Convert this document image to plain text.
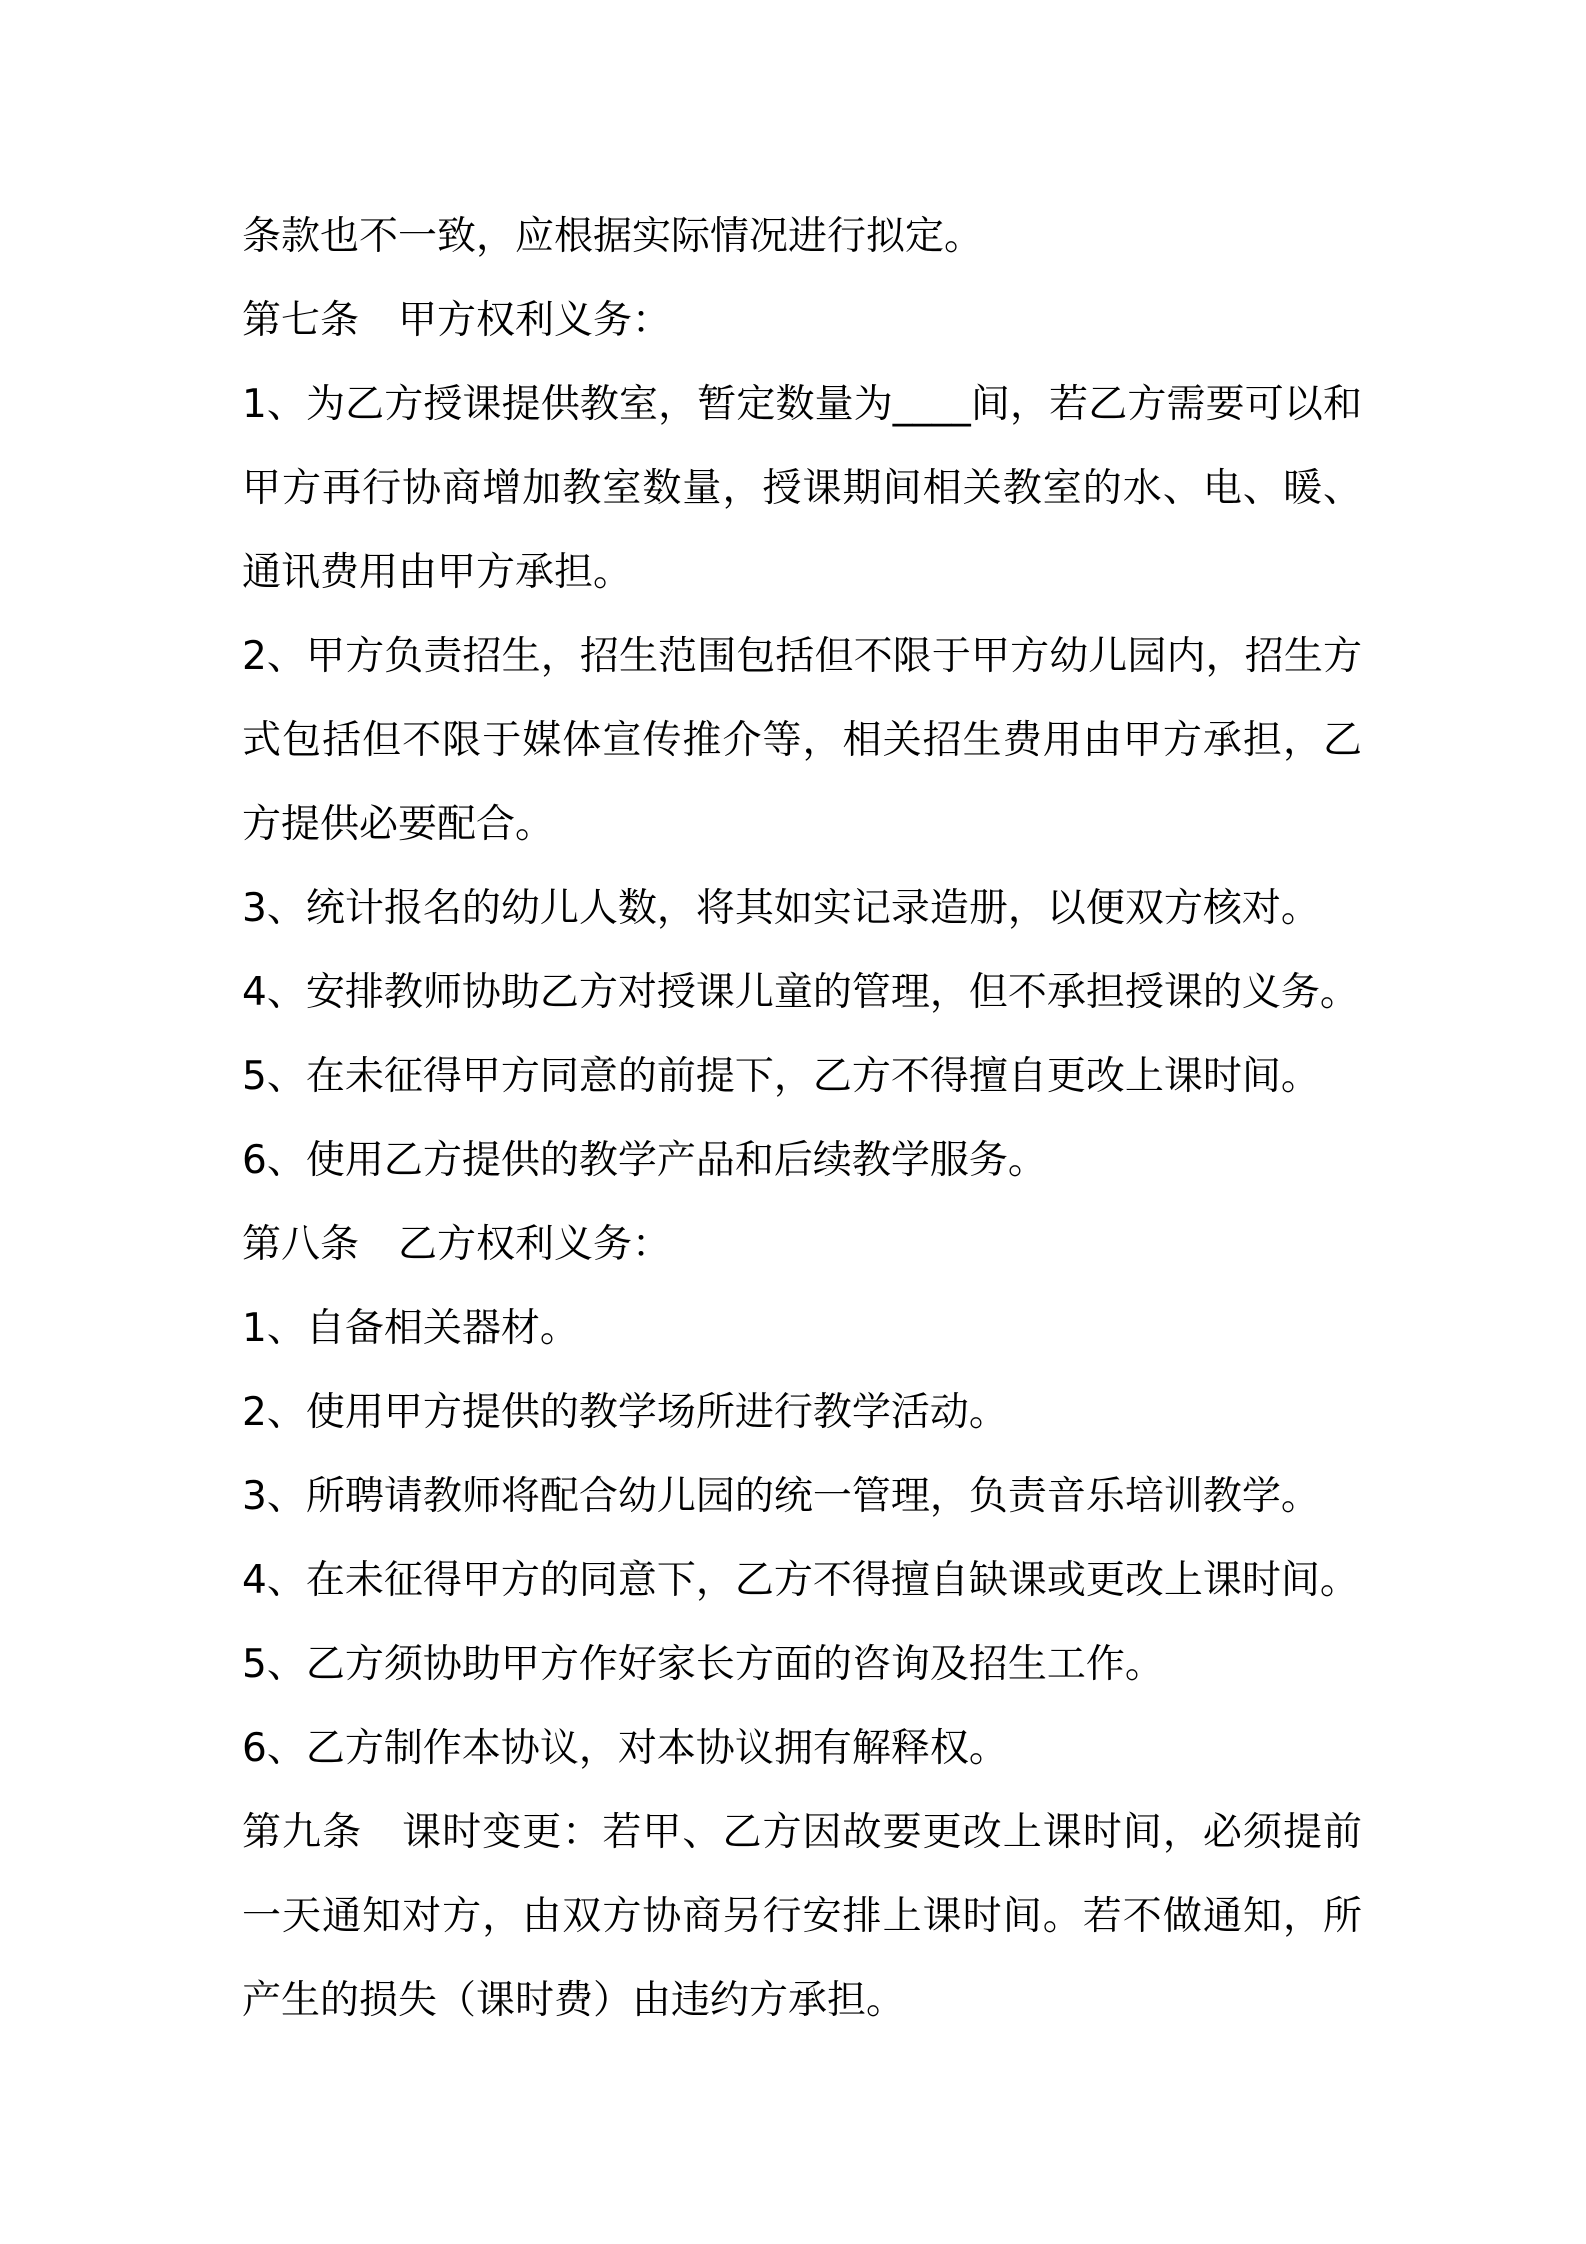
条款也不一致，应根据实际情况进行拟定。

第七条　甲方权利义务：

1、为乙方授课提供教室，暂定数量为____间，若乙方需要可以和甲方再行协商增加教室数量，授课期间相关教室的水、电、暖、通讯费用由甲方承担。

2、甲方负责招生，招生范围包括但不限于甲方幼儿园内，招生方式包括但不限于媒体宣传推介等，相关招生费用由甲方承担，乙方提供必要配合。

3、统计报名的幼儿人数，将其如实记录造册，以便双方核对。

4、安排教师协助乙方对授课儿童的管理，但不承担授课的义务。

5、在未征得甲方同意的前提下，乙方不得擅自更改上课时间。

6、使用乙方提供的教学产品和后续教学服务。

第八条　乙方权利义务：

1、自备相关器材。

2、使用甲方提供的教学场所进行教学活动。

3、所聘请教师将配合幼儿园的统一管理，负责音乐培训教学。

4、在未征得甲方的同意下，乙方不得擅自缺课或更改上课时间。

5、乙方须协助甲方作好家长方面的咨询及招生工作。

6、乙方制作本协议，对本协议拥有解释权。

第九条　课时变更：若甲、乙方因故要更改上课时间，必须提前一天通知对方，由双方协商另行安排上课时间。若不做通知，所产生的损失（课时费）由违约方承担。
